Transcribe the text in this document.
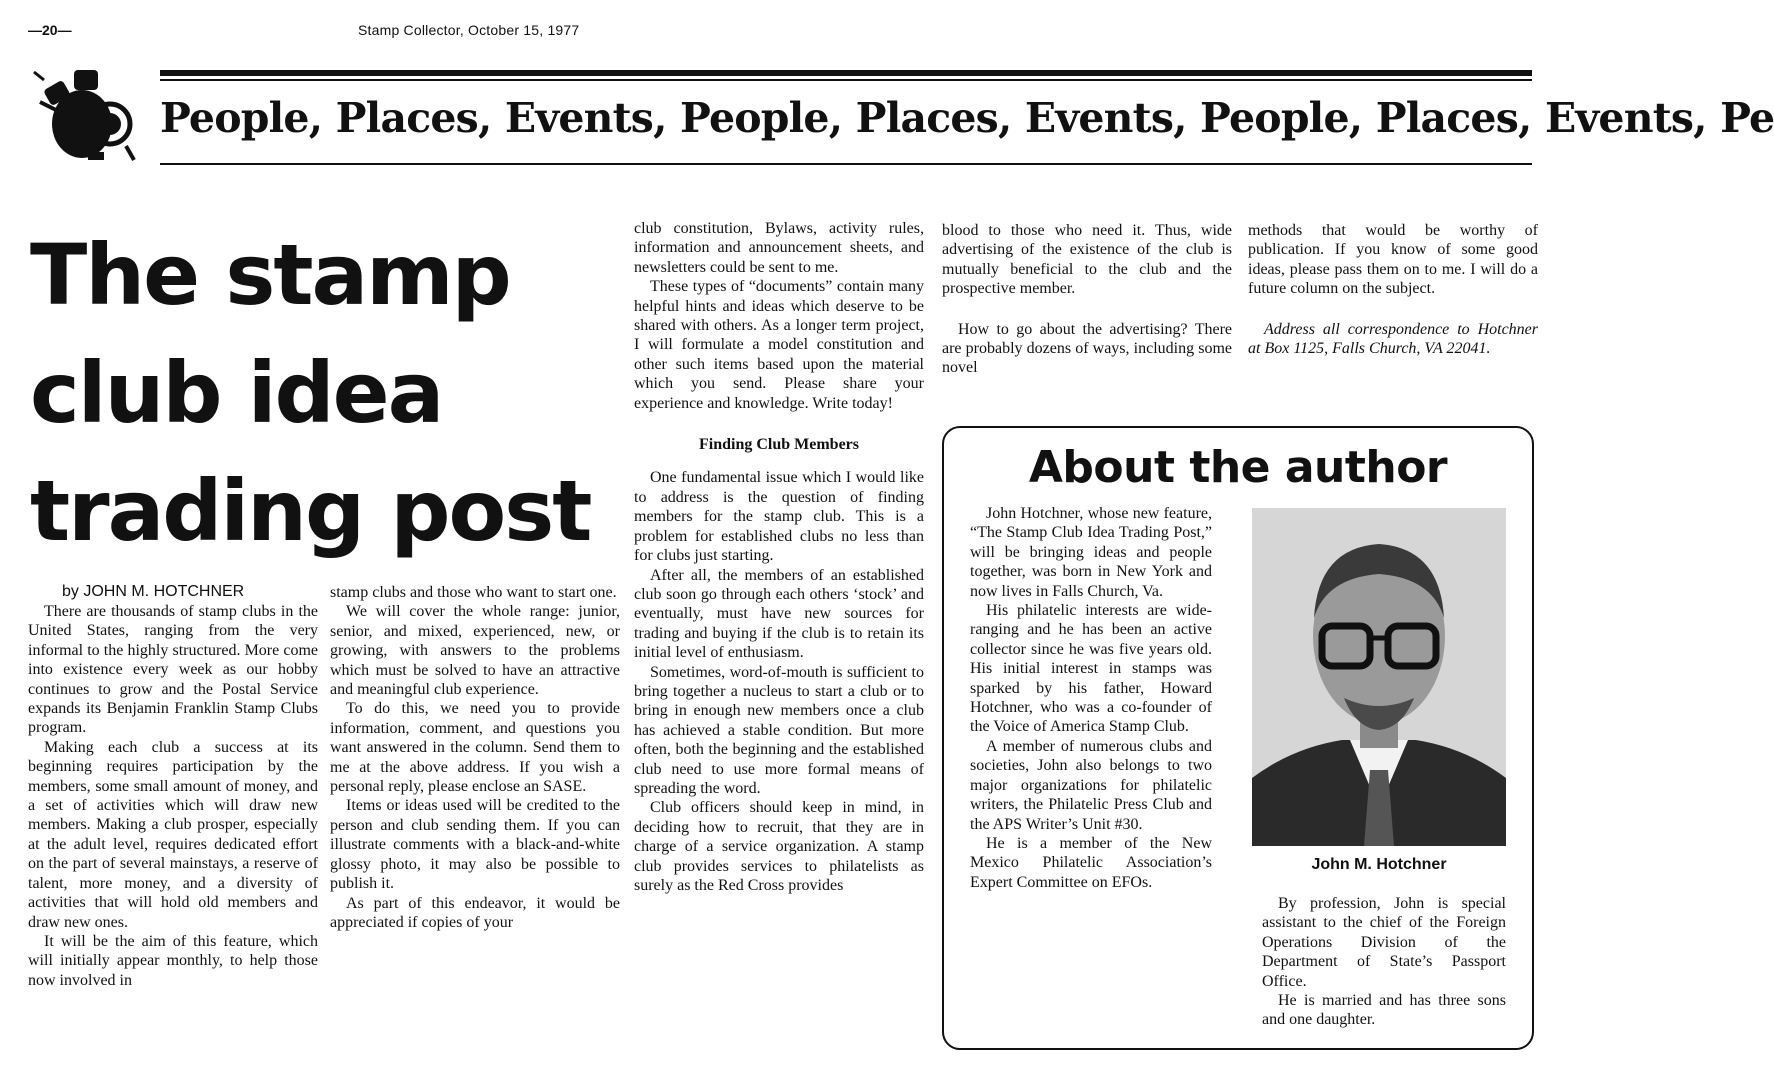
—20—	Stamp Collector, October 15, 1977
People, Places, Events, People, Places, Events, People, Places, Events, Pe
The stamp
club idea
trading post
by JOHN M. HOTCHNER

There are thousands of stamp clubs in the United States, ranging from the very informal to the highly structured. More come into existence every week as our hobby continues to grow and the Postal Service expands its Benjamin Franklin Stamp Clubs program.

Making each club a success at its beginning requires participation by the members, some small amount of money, and a set of activities which will draw new members. Making a club prosper, especially at the adult level, requires dedicated effort on the part of several mainstays, a reserve of talent, more money, and a diversity of activities that will hold old members and draw new ones.

It will be the aim of this feature, which will initially appear monthly, to help those now involved in

stamp clubs and those who want to start one.

We will cover the whole range: junior, senior, and mixed, experienced, new, or growing, with answers to the problems which must be solved to have an attractive and meaningful club experience.

To do this, we need you to provide information, comment, and questions you want answered in the column. Send them to me at the above address. If you wish a personal reply, please enclose an SASE.

Items or ideas used will be credited to the person and club sending them. If you can illustrate comments with a black-and-white glossy photo, it may also be possible to publish it.

As part of this endeavor, it would be appreciated if copies of your

club constitution, Bylaws, activity rules, information and announcement sheets, and newsletters could be sent to me.

These types of “documents” contain many helpful hints and ideas which deserve to be shared with others. As a longer term project, I will formulate a model constitution and other such items based upon the material which you send. Please share your experience and knowledge. Write today!

Finding Club Members

One fundamental issue which I would like to address is the question of finding members for the stamp club. This is a problem for established clubs no less than for clubs just starting.

After all, the members of an established club soon go through each others ‘stock’ and eventually, must have new sources for trading and buying if the club is to retain its initial level of enthusiasm.

Sometimes, word-of-mouth is sufficient to bring together a nucleus to start a club or to bring in enough new members once a club has achieved a stable condition. But more often, both the beginning and the established club need to use more formal means of spreading the word.

Club officers should keep in mind, in deciding how to recruit, that they are in charge of a service organization. A stamp club provides services to philatelists as surely as the Red Cross provides

blood to those who need it. Thus, wide advertising of the existence of the club is mutually beneficial to the club and the prospective member.

How to go about the advertising? There are probably dozens of ways, including some novel

methods that would be worthy of publication. If you know of some good ideas, please pass them on to me. I will do a future column on the subject.

Address all correspondence to Hotchner at Box 1125, Falls Church, VA 22041.

About the author

John Hotchner, whose new feature, “The Stamp Club Idea Trading Post,” will be bringing ideas and people together, was born in New York and now lives in Falls Church, Va.

His philatelic interests are wide-ranging and he has been an active collector since he was five years old. His initial interest in stamps was sparked by his father, Howard Hotchner, who was a co-founder of the Voice of America Stamp Club.

A member of numerous clubs and societies, John also belongs to two major organizations for philatelic writers, the Philatelic Press Club and the APS Writer’s Unit #30.

He is a member of the New Mexico Philatelic Association’s Expert Committee on EFOs.

John M. Hotchner

By profession, John is special assistant to the chief of the Foreign Operations Division of the Department of State’s Passport Office.

He is married and has three sons and one daughter.
